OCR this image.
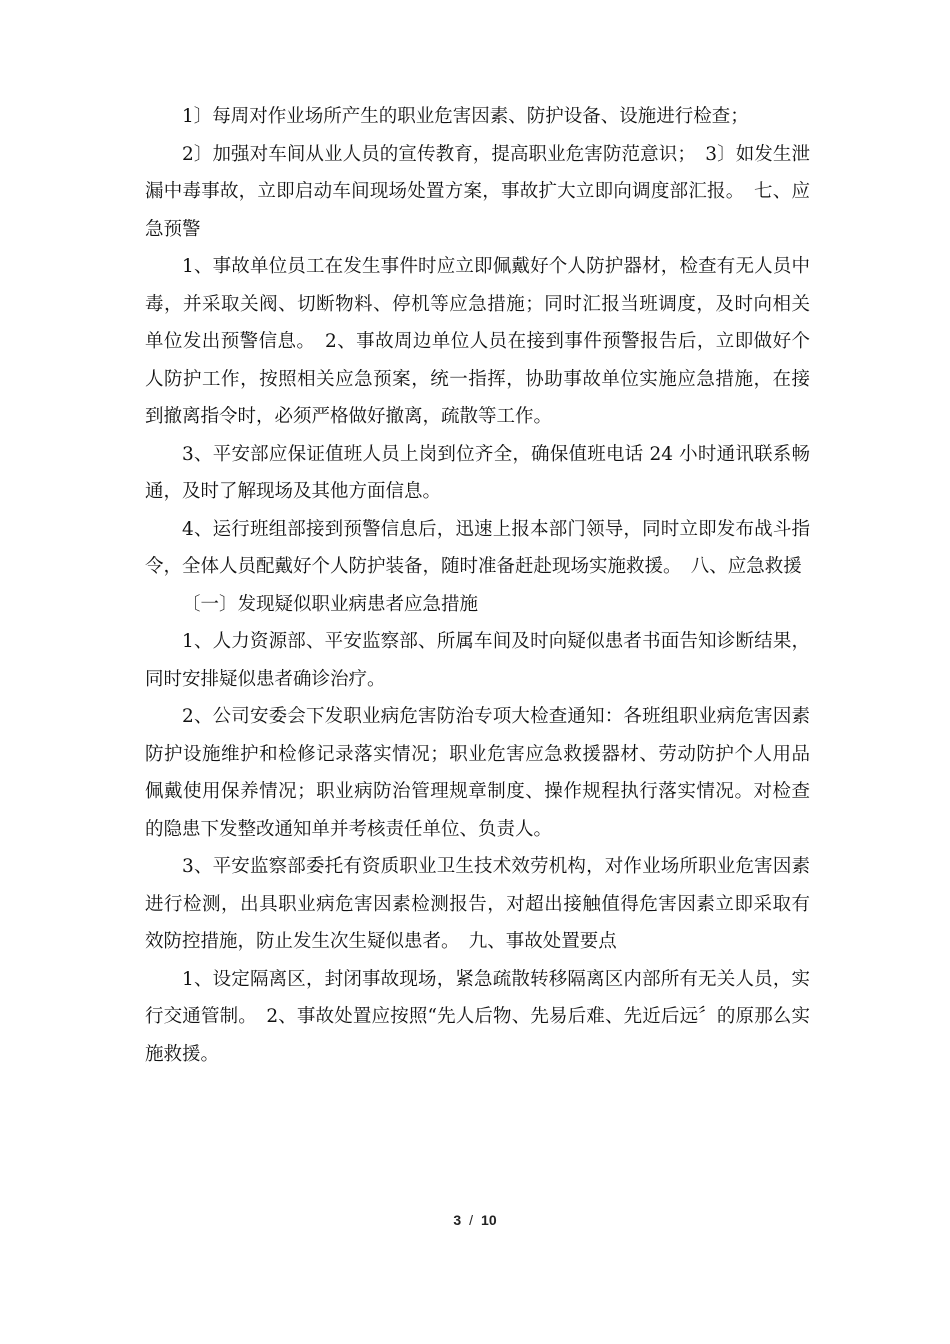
1〕每周对作业场所产生的职业危害因素、防护设备、设施进行检查；

2〕加强对车间从业人员的宣传教育，提高职业危害防范意识；　3〕如发生泄漏中毒事故，立即启动车间现场处置方案，事故扩大立即向调度部汇报。　七、应急预警

1、事故单位员工在发生事件时应立即佩戴好个人防护器材，检查有无人员中毒，并采取关阀、切断物料、停机等应急措施；同时汇报当班调度，及时向相关单位发出预警信息。　2、事故周边单位人员在接到事件预警报告后，立即做好个人防护工作，按照相关应急预案，统一指挥，协助事故单位实施应急措施，在接到撤离指令时，必须严格做好撤离，疏散等工作。

3、平安部应保证值班人员上岗到位齐全，确保值班电话 24 小时通讯联系畅通，及时了解现场及其他方面信息。

4、运行班组部接到预警信息后，迅速上报本部门领导，同时立即发布战斗指令，全体人员配戴好个人防护装备，随时准备赶赴现场实施救援。　八、应急救援

〔一〕发现疑似职业病患者应急措施

1、人力资源部、平安监察部、所属车间及时向疑似患者书面告知诊断结果，同时安排疑似患者确诊治疗。

2、公司安委会下发职业病危害防治专项大检查通知：各班组职业病危害因素防护设施维护和检修记录落实情况；职业危害应急救援器材、劳动防护个人用品佩戴使用保养情况；职业病防治管理规章制度、操作规程执行落实情况。对检查的隐患下发整改通知单并考核责任单位、负责人。

3、平安监察部委托有资质职业卫生技术效劳机构，对作业场所职业危害因素进行检测，出具职业病危害因素检测报告，对超出接触值得危害因素立即采取有效防控措施，防止发生次生疑似患者。　九、事故处置要点

1、设定隔离区，封闭事故现场，紧急疏散转移隔离区内部所有无关人员，实行交通管制。　2、事故处置应按照“先人后物、先易后难、先近后远〞的原那么实施救援。

3 / 10
